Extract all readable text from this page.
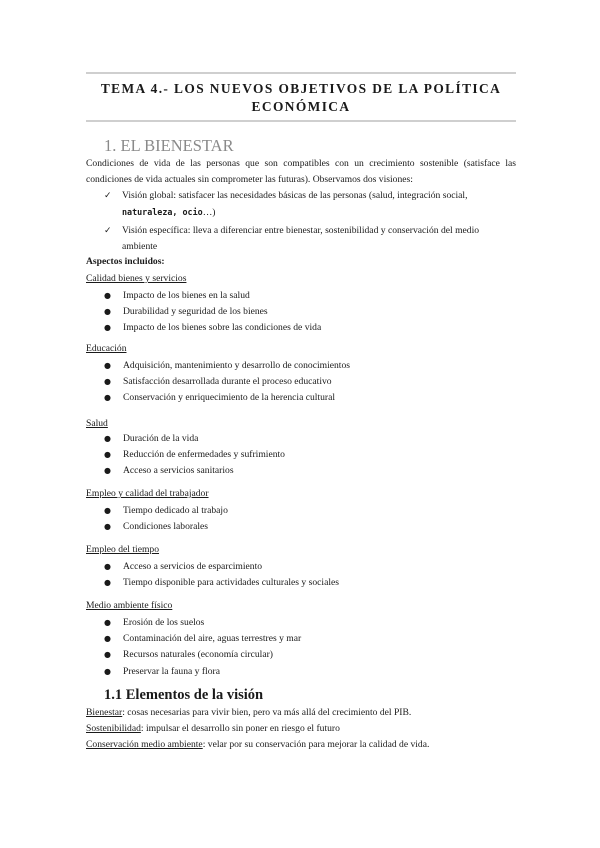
TEMA 4.- LOS NUEVOS OBJETIVOS DE LA POLÍTICA
ECONÓMICA
1. EL BIENESTAR
Condiciones de vida de las personas que son compatibles con un crecimiento sostenible (satisface las condiciones de vida actuales sin comprometer las futuras). Observamos dos visiones:
✓ Visión global: satisfacer las necesidades básicas de las personas (salud, integración social, naturaleza, ocio…)
✓ Visión específica: lleva a diferenciar entre bienestar, sostenibilidad y conservación del medio ambiente
Aspectos incluidos:
Calidad bienes y servicios
● Impacto de los bienes en la salud
● Durabilidad y seguridad de los bienes
● Impacto de los bienes sobre las condiciones de vida
Educación
● Adquisición, mantenimiento y desarrollo de conocimientos
● Satisfacción desarrollada durante el proceso educativo
● Conservación y enriquecimiento de la herencia cultural
Salud
● Duración de la vida
● Reducción de enfermedades y sufrimiento
● Acceso a servicios sanitarios
Empleo y calidad del trabajador
● Tiempo dedicado al trabajo
● Condiciones laborales
Empleo del tiempo
● Acceso a servicios de esparcimiento
● Tiempo disponible para actividades culturales y sociales
Medio ambiente físico
● Erosión de los suelos
● Contaminación del aire, aguas terrestres y mar
● Recursos naturales (economía circular)
● Preservar la fauna y flora
1.1 Elementos de la visión
Bienestar: cosas necesarias para vivir bien, pero va más allá del crecimiento del PIB.
Sostenibilidad: impulsar el desarrollo sin poner en riesgo el futuro
Conservación medio ambiente: velar por su conservación para mejorar la calidad de vida.
